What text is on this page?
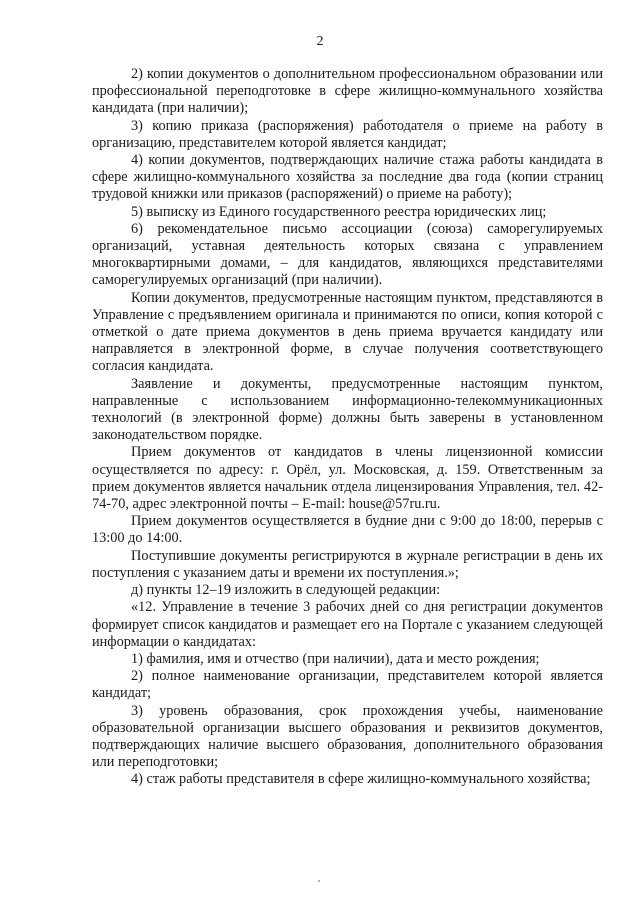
2

2) копии документов о дополнительном профессиональном образовании или профессиональной переподготовке в сфере жилищно-коммунального хозяйства кандидата (при наличии);

3) копию приказа (распоряжения) работодателя о приеме на работу в организацию, представителем которой является кандидат;

4) копии документов, подтверждающих наличие стажа работы кандидата в сфере жилищно-коммунального хозяйства за последние два года (копии страниц трудовой книжки или приказов (распоряжений) о приеме на работу);

5) выписку из Единого государственного реестра юридических лиц;

6) рекомендательное письмо ассоциации (союза) саморегулируемых организаций, уставная деятельность которых связана с управлением многоквартирными домами, – для кандидатов, являющихся представителями саморегулируемых организаций (при наличии).

Копии документов, предусмотренные настоящим пунктом, представляются в Управление с предъявлением оригинала и принимаются по описи, копия которой с отметкой о дате приема документов в день приема вручается кандидату или направляется в электронной форме, в случае получения соответствующего согласия кандидата.

Заявление и документы, предусмотренные настоящим пунктом, направленные с использованием информационно-телекоммуникационных технологий (в электронной форме) должны быть заверены в установленном законодательством порядке.

Прием документов от кандидатов в члены лицензионной комиссии осуществляется по адресу: г. Орёл, ул. Московская, д. 159. Ответственным за прием документов является начальник отдела лицензирования Управления, тел. 42-74-70, адрес электронной почты – E-mail: house@57ru.ru.

Прием документов осуществляется в будние дни с 9:00 до 18:00, перерыв с 13:00 до 14:00.

Поступившие документы регистрируются в журнале регистрации в день их поступления с указанием даты и времени их поступления.»;

д) пункты 12–19 изложить в следующей редакции:

«12. Управление в течение 3 рабочих дней со дня регистрации документов формирует список кандидатов и размещает его на Портале с указанием следующей информации о кандидатах:

1) фамилия, имя и отчество (при наличии), дата и место рождения;

2) полное наименование организации, представителем которой является кандидат;

3) уровень образования, срок прохождения учебы, наименование образовательной организации высшего образования и реквизитов документов, подтверждающих наличие высшего образования, дополнительного образования или переподготовки;

4) стаж работы представителя в сфере жилищно-коммунального хозяйства;
